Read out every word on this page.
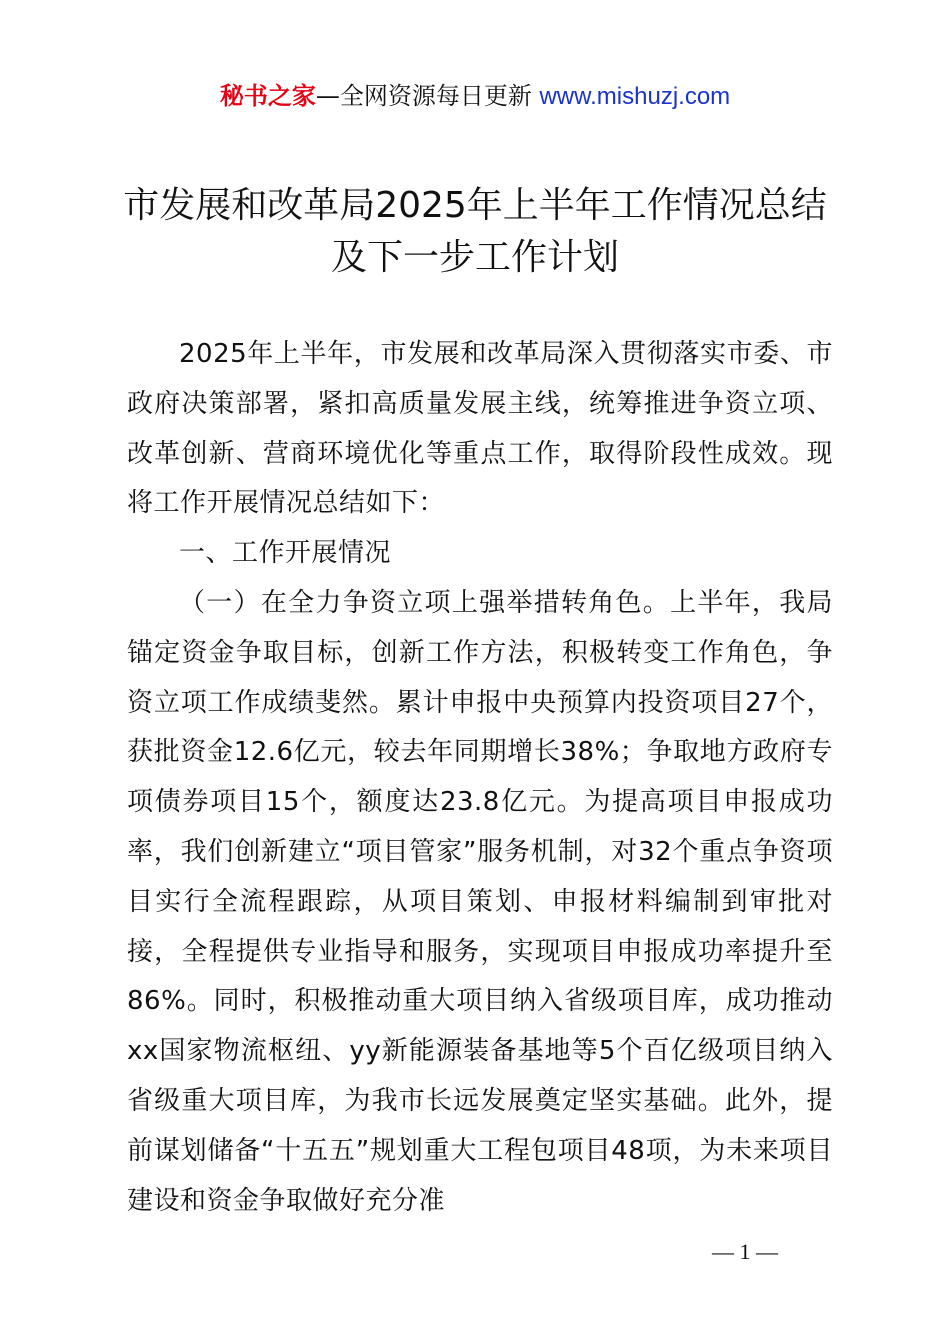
秘书之家—全网资源每日更新 www.mishuzj.com
市发展和改革局2025年上半年工作情况总结
及下一步工作计划

2025年上半年，市发展和改革局深入贯彻落实市委、市政府决策部署，紧扣高质量发展主线，统筹推进争资立项、改革创新、营商环境优化等重点工作，取得阶段性成效。现将工作开展情况总结如下：

一、工作开展情况

（一）在全力争资立项上强举措转角色。上半年，我局锚定资金争取目标，创新工作方法，积极转变工作角色，争资立项工作成绩斐然。累计申报中央预算内投资项目27个，获批资金12.6亿元，较去年同期增长38%；争取地方政府专项债券项目15个，额度达23.8亿元。为提高项目申报成功率，我们创新建立“项目管家”服务机制，对32个重点争资项目实行全流程跟踪，从项目策划、申报材料编制到审批对接，全程提供专业指导和服务，实现项目申报成功率提升至86%。同时，积极推动重大项目纳入省级项目库，成功推动xx国家物流枢纽、yy新能源装备基地等5个百亿级项目纳入省级重大项目库，为我市长远发展奠定坚实基础。此外，提前谋划储备“十五五”规划重大工程包项目48项，为未来项目建设和资金争取做好充分准

— 1 —
